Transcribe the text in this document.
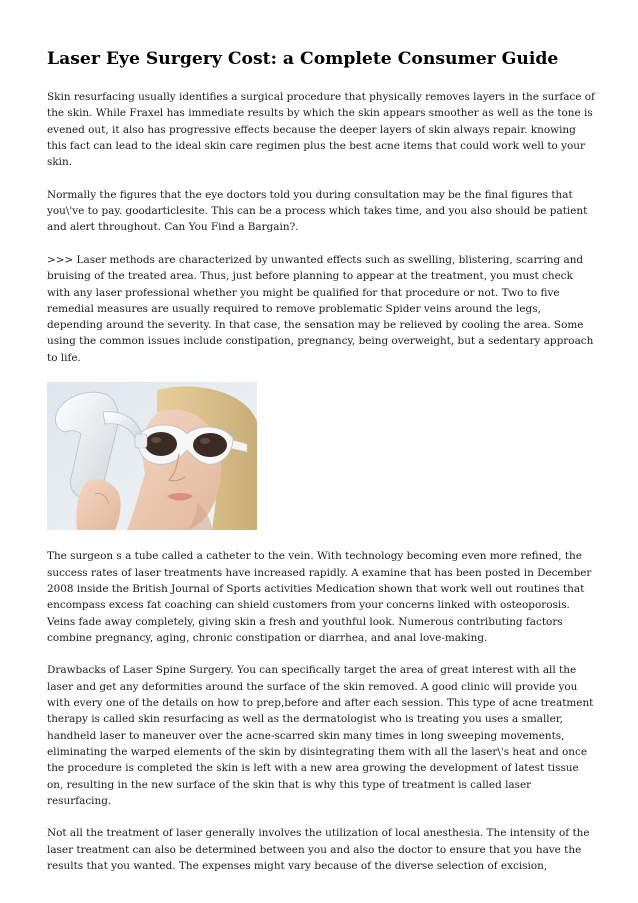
Laser Eye Surgery Cost: a Complete Consumer Guide

Skin resurfacing usually identifies a surgical procedure that physically removes layers in the surface of the skin. While Fraxel has immediate results by which the skin appears smoother as well as the tone is evened out, it also has progressive effects because the deeper layers of skin always repair. knowing this fact can lead to the ideal skin care regimen plus the best acne items that could work well to your skin.

Normally the figures that the eye doctors told you during consultation may be the final figures that you\'ve to pay. goodarticlesite. This can be a process which takes time, and you also should be patient and alert throughout. Can You Find a Bargain?.

>>> Laser methods are characterized by unwanted effects such as swelling, blistering, scarring and bruising of the treated area. Thus, just before planning to appear at the treatment, you must check with any laser professional whether you might be qualified for that procedure or not. Two to five remedial measures are usually required to remove problematic Spider veins around the legs, depending around the severity. In that case, the sensation may be relieved by cooling the area. Some using the common issues include constipation, pregnancy, being overweight, but a sedentary approach to life.

The surgeon s a tube called a catheter to the vein. With technology becoming even more refined, the success rates of laser treatments have increased rapidly. A examine that has been posted in December 2008 inside the British Journal of Sports activities Medication shown that work well out routines that encompass excess fat coaching can shield customers from your concerns linked with osteoporosis. Veins fade away completely, giving skin a fresh and youthful look. Numerous contributing factors combine pregnancy, aging, chronic constipation or diarrhea, and anal love-making.

Drawbacks of Laser Spine Surgery. You can specifically target the area of great interest with all the laser and get any deformities around the surface of the skin removed. A good clinic will provide you with every one of the details on how to prep,before and after each session. This type of acne treatment therapy is called skin resurfacing as well as the dermatologist who is treating you uses a smaller, handheld laser to maneuver over the acne-scarred skin many times in long sweeping movements, eliminating the warped elements of the skin by disintegrating them with all the laser\'s heat and once the procedure is completed the skin is left with a new area growing the development of latest tissue on, resulting in the new surface of the skin that is why this type of treatment is called laser resurfacing.

Not all the treatment of laser generally involves the utilization of local anesthesia. The intensity of the laser treatment can also be determined between you and also the doctor to ensure that you have the results that you wanted. The expenses might vary because of the diverse selection of excision,
